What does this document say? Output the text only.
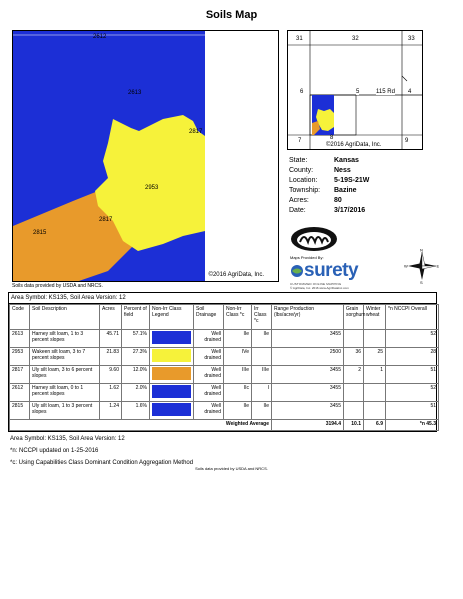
Soils Map
2612
2613
2953
2817
2817
2815
©2016 AgriData, Inc.
Soils data provided by USDA and NRCS.
31	32	33
6	5	115 Rd 4
7	8	9
©2016 AgriData, Inc.
State:	Kansas
County:	Ness
Location:	5-19S-21W
Township:	Bazine
Acres:	80
Date:	3/17/2016
Maps Provided By:
surety
CUSTOMIZED ONLINE MAPPING
© AgriData, Inc. 2016 www.AgriDataInc.com
N
S
E
W
Area Symbol: KS135, Soil Area Version: 12
Code	Soil Description	Acres	Percent of field	Non-Irr Class Legend	Soil Drainage	Non-Irr Class *c	Irr Class *c	Range Production (lbs/acre/yr)	Grain sorghum	Winter wheat	*n NCCPI Overall
2613	Harney silt loam, 1 to 3 percent slopes	45.71	57.1%		Well drained	IIe	IIe	3455			52
2953	Wakeen silt loam, 3 to 7 percent slopes	21.83	27.3%		Well drained	IVe		2500	36	25	28
2817	Uly silt loam, 3 to 6 percent slopes	9.60	12.0%		Well drained	IIIe	IIIe	3455	2	1	51
2612	Harney silt loam, 0 to 1 percent slopes	1.62	2.0%		Well drained	IIc	I	3455			52
2815	Uly silt loam, 1 to 3 percent slopes	1.24	1.6%		Well drained	IIe	IIe	3455			51
Weighted Average								3194.4	10.1	6.9	*n 45.3
Area Symbol: KS135, Soil Area Version: 12
*n: NCCPI updated on 1-25-2016
*c: Using Capabilities Class Dominant Condition Aggregation Method
Soils data provided by USDA and NRCS.
